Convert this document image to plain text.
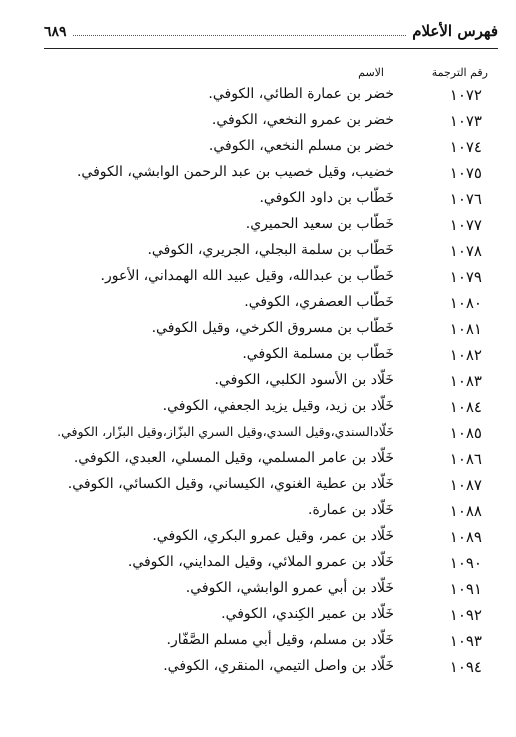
فهرس الأعلام
٦٨٩
رقم الترجمة
الاسم
١٠٧٢
خضر بن عمارة الطائي، الكوفي.
١٠٧٣
خضر بن عمرو النخعي، الكوفي.
١٠٧٤
خضر بن مسلم النخعي، الكوفي.
١٠٧٥
خضيب، وقيل خصيب بن عبد الرحمن الوابشي، الكوفي.
١٠٧٦
خَطّاب بن داود الكوفي.
١٠٧٧
خَطّاب بن سعيد الحميري.
١٠٧٨
خَطّاب بن سلمة البجلي، الجريري، الكوفي.
١٠٧٩
خَطّاب بن عبدالله، وقيل عبيد الله الهمداني، الأعور.
١٠٨٠
خَطّاب العصفري، الكوفي.
١٠٨١
خَطّاب بن مسروق الكرخي، وقيل الكوفي.
١٠٨٢
خَطّاب بن مسلمة الكوفي.
١٠٨٣
خَلّاد بن الأسود الكلبي، الكوفي.
١٠٨٤
خَلّاد بن زيد، وقيل يزيد الجعفي، الكوفي.
١٠٨٥
خَلّادالسندي،وقيل السدي،وقيل السري البزّاز،وقيل البزّار، الكوفي.
١٠٨٦
خَلّاد بن عامر المسلمي، وقيل المسلي، العبدي، الكوفي.
١٠٨٧
خَلّاد بن عطية الغنوي، الكيساني، وقيل الكسائي، الكوفي.
١٠٨٨
خَلّاد بن عمارة.
١٠٨٩
خَلّاد بن عمر، وقيل عمرو البكري، الكوفي.
١٠٩٠
خَلّاد بن عمرو الملائي، وقيل المدايني، الكوفي.
١٠٩١
خَلّاد بن أبي عمرو الوابشي، الكوفي.
١٠٩٢
خَلّاد بن عمير الكِندي، الكوفي.
١٠٩٣
خَلّاد بن مسلم، وقيل أبي مسلم الصَّفّار.
١٠٩٤
خَلّاد بن واصل التيمي، المنقري، الكوفي.
